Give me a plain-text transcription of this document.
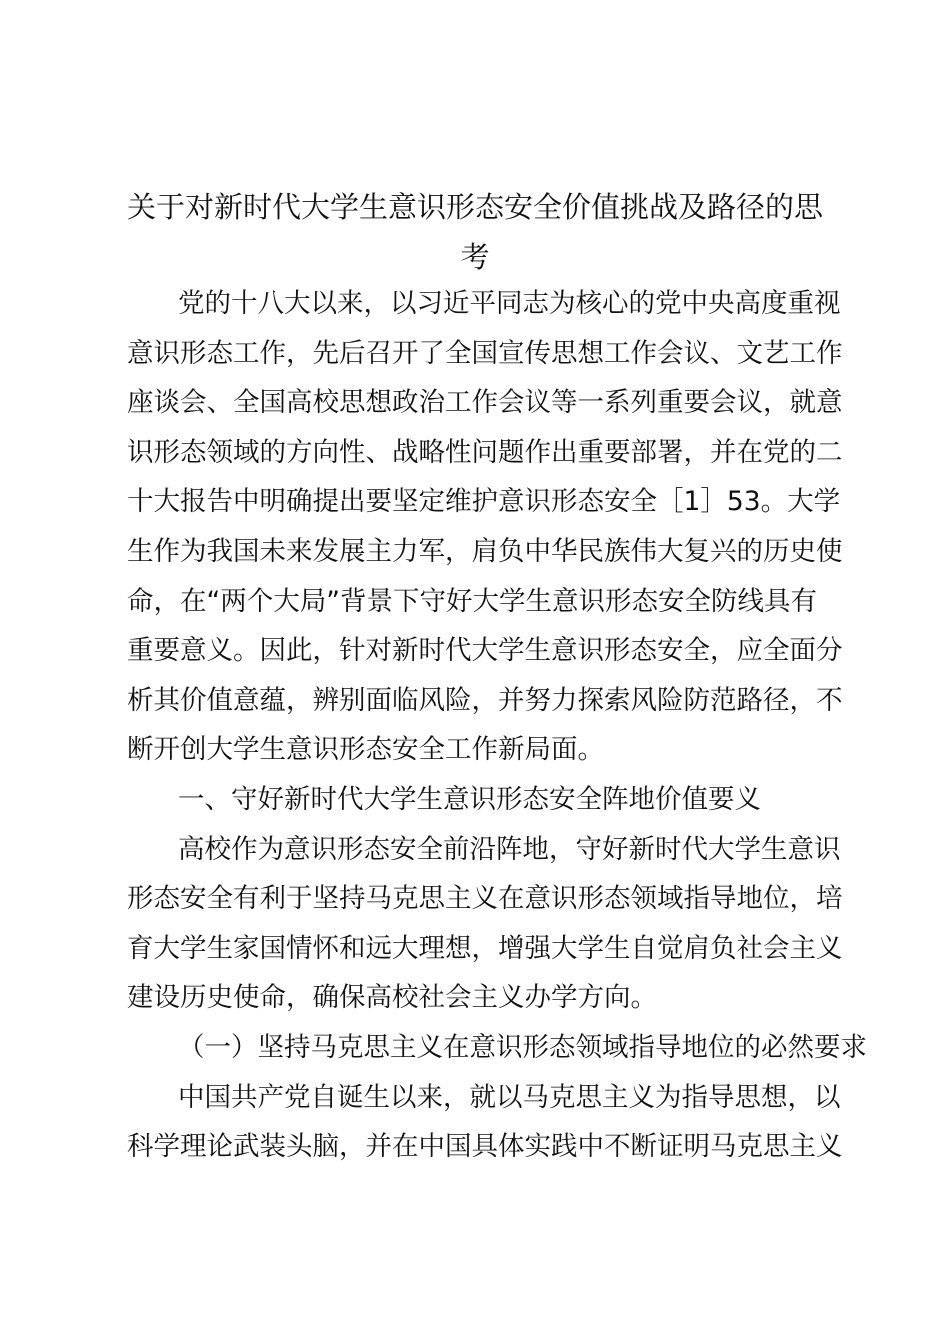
关于对新时代大学生意识形态安全价值挑战及路径的思
考
党的十八大以来，以习近平同志为核心的党中央高度重视
意识形态工作，先后召开了全国宣传思想工作会议、文艺工作
座谈会、全国高校思想政治工作会议等一系列重要会议，就意
识形态领域的方向性、战略性问题作出重要部署，并在党的二
十大报告中明确提出要坚定维护意识形态安全［1］53。大学
生作为我国未来发展主力军，肩负中华民族伟大复兴的历史使
命，在“两个大局”背景下守好大学生意识形态安全防线具有
重要意义。因此，针对新时代大学生意识形态安全，应全面分
析其价值意蕴，辨别面临风险，并努力探索风险防范路径，不
断开创大学生意识形态安全工作新局面。
一、守好新时代大学生意识形态安全阵地价值要义
高校作为意识形态安全前沿阵地，守好新时代大学生意识
形态安全有利于坚持马克思主义在意识形态领域指导地位，培
育大学生家国情怀和远大理想，增强大学生自觉肩负社会主义
建设历史使命，确保高校社会主义办学方向。
（一）坚持马克思主义在意识形态领域指导地位的必然要求
中国共产党自诞生以来，就以马克思主义为指导思想，以
科学理论武装头脑，并在中国具体实践中不断证明马克思主义
